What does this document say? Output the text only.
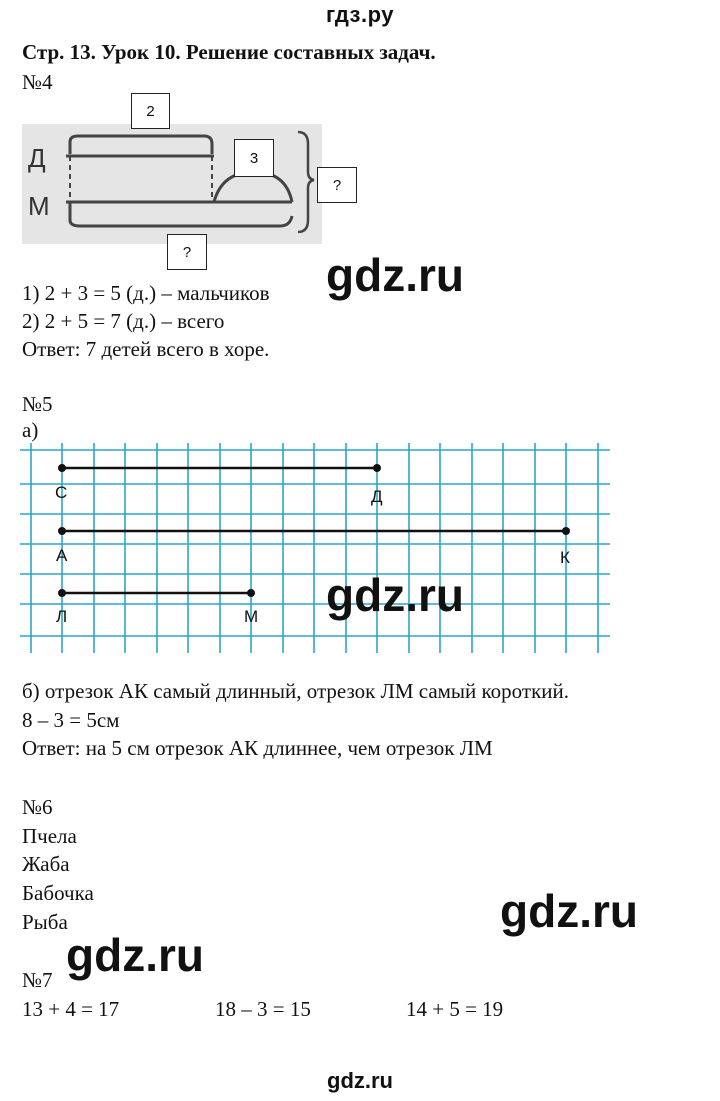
гдз.ру
Стр. 13. Урок 10. Решение составных задач.
№4
Д
М
2
3
?
?
1) 2 + 3 = 5 (д.) – мальчиков
2) 2 + 5 = 7 (д.) – всего
Ответ: 7 детей всего в хоре.
gdz.ru
№5
а)
С	Д
А	К
Л	М gdz.ru
б) отрезок АК самый длинный, отрезок ЛМ самый короткий.
8 – 3 = 5см
Ответ: на 5 см отрезок АК длиннее, чем отрезок ЛМ
№6
Пчела
Жаба
Бабочка
Рыба	gdz.ru
gdz.ru
№7
13 + 4 = 17	18 – 3 = 15	14 + 5 = 19
gdz.ru
